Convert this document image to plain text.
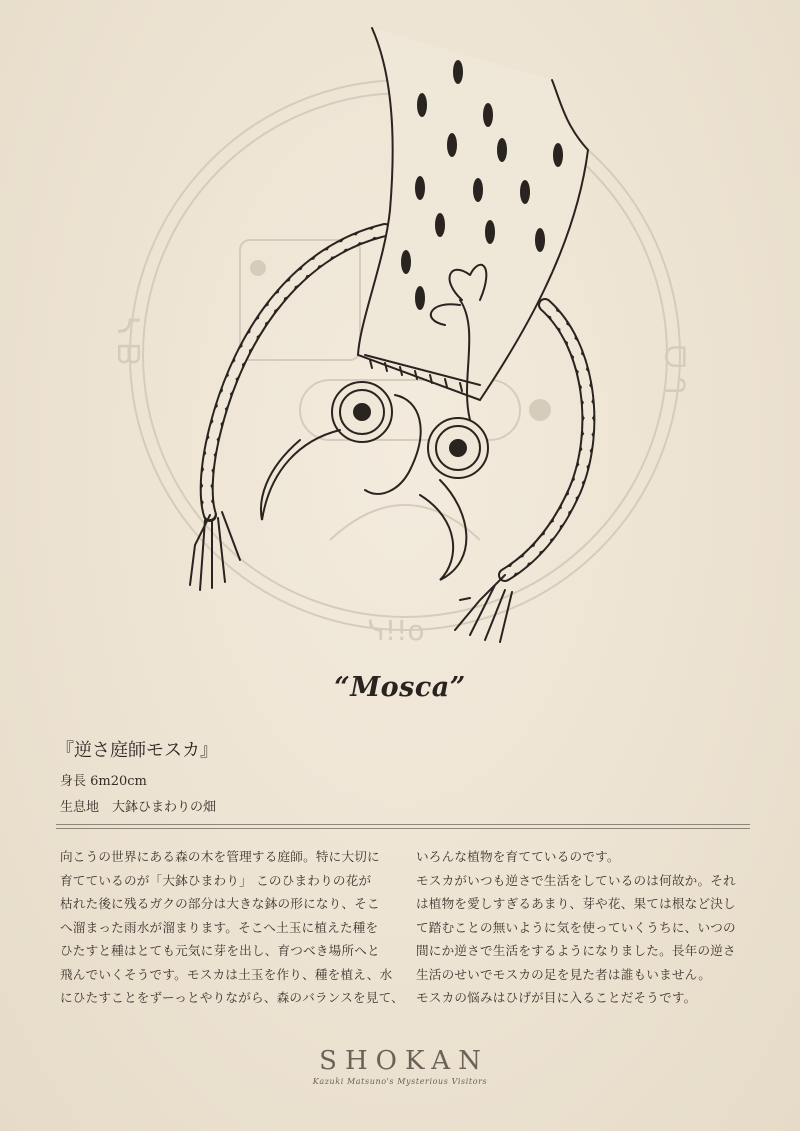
ᗺ ᓭ
ᗜ ᒉ
ᓭ!!o
“Mosca”
『逆さ庭師モスカ』
身長 6m20cm
生息地　大鉢ひまわりの畑
向こうの世界にある森の木を管理する庭師。特に大切に
育てているのが「大鉢ひまわり」 このひまわりの花が
枯れた後に残るガクの部分は大きな鉢の形になり、そこ
へ溜まった雨水が溜まります。そこへ土玉に植えた種を
ひたすと種はとても元気に芽を出し、育つべき場所へと
飛んでいくそうです。モスカは土玉を作り、種を植え、水
にひたすことをずーっとやりながら、森のバランスを見て、
いろんな植物を育てているのです。
モスカがいつも逆さで生活をしているのは何故か。それ
は植物を愛しすぎるあまり、芽や花、果ては根など決し
て踏むことの無いように気を使っていくうちに、いつの
間にか逆さで生活をするようになりました。長年の逆さ
生活のせいでモスカの足を見た者は誰もいません。
モスカの悩みはひげが目に入ることだそうです。
SHOKAN
Kazuki Matsuno's Mysterious Visitors
